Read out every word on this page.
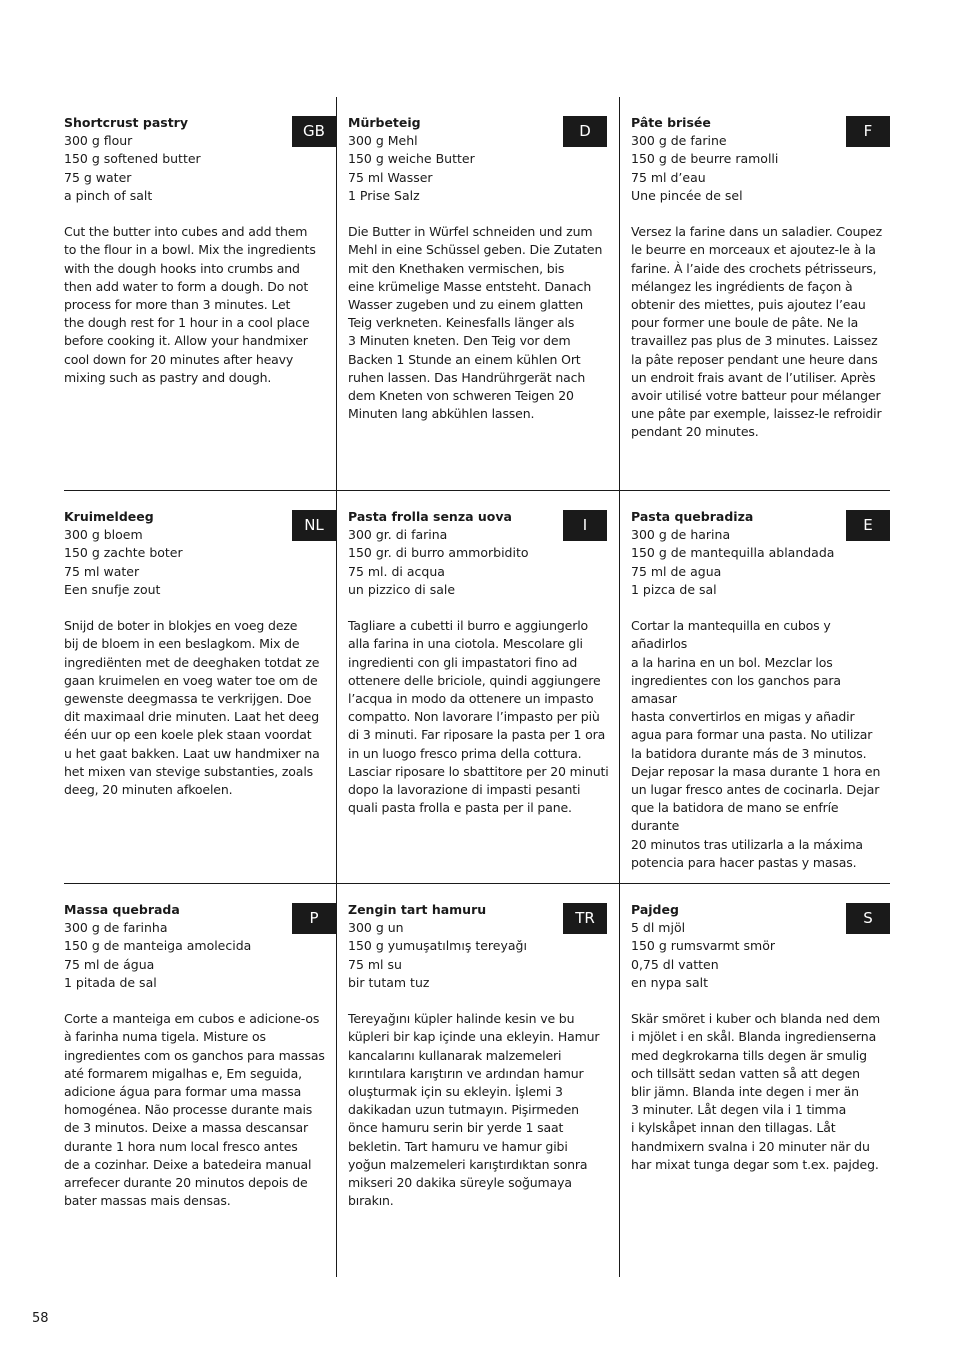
GB
Shortcrust pastry
300 g flour
150 g softened butter
75 g water
a pinch of salt
Cut the butter into cubes and add them
to the flour in a bowl. Mix the ingredients
with the dough hooks into crumbs and
then add water to form a dough. Do not
process for more than 3 minutes. Let
the dough rest for 1 hour in a cool place
before cooking it. Allow your handmixer
cool down for 20 minutes after heavy
mixing such as pastry and dough.
D
Mürbeteig
300 g Mehl
150 g weiche Butter
75 ml Wasser
1 Prise Salz
Die Butter in Würfel schneiden und zum
Mehl in eine Schüssel geben. Die Zutaten
mit den Knethaken vermischen, bis
eine krümelige Masse entsteht. Danach
Wasser zugeben und zu einem glatten
Teig verkneten. Keinesfalls länger als
3 Minuten kneten. Den Teig vor dem
Backen 1 Stunde an einem kühlen Ort
ruhen lassen. Das Handrührgerät nach
dem Kneten von schweren Teigen 20
Minuten lang abkühlen lassen.
F
Pâte brisée
300 g de farine
150 g de beurre ramolli
75 ml d’eau
Une pincée de sel
Versez la farine dans un saladier. Coupez
le beurre en morceaux et ajoutez-le à la
farine. À l’aide des crochets pétrisseurs,
mélangez les ingrédients de façon à
obtenir des miettes, puis ajoutez l’eau
pour former une boule de pâte. Ne la
travaillez pas plus de 3 minutes. Laissez
la pâte reposer pendant une heure dans
un endroit frais avant de l’utiliser. Après
avoir utilisé votre batteur pour mélanger
une pâte par exemple, laissez-le refroidir
pendant 20 minutes.
NL
Kruimeldeeg
300 g bloem
150 g zachte boter
75 ml water
Een snufje zout
Snijd de boter in blokjes en voeg deze
bij de bloem in een beslagkom. Mix de
ingrediënten met de deeghaken totdat ze
gaan kruimelen en voeg water toe om de
gewenste deegmassa te verkrijgen. Doe
dit maximaal drie minuten. Laat het deeg
één uur op een koele plek staan voordat
u het gaat bakken. Laat uw handmixer na
het mixen van stevige substanties, zoals
deeg, 20 minuten afkoelen.
I
Pasta frolla senza uova
300 gr. di farina
150 gr. di burro ammorbidito
75 ml. di acqua
un pizzico di sale
Tagliare a cubetti il burro e aggiungerlo
alla farina in una ciotola. Mescolare gli
ingredienti con gli impastatori fino ad
ottenere delle briciole, quindi aggiungere
l’acqua in modo da ottenere un impasto
compatto. Non lavorare l’impasto per più
di 3 minuti. Far riposare la pasta per 1 ora
in un luogo fresco prima della cottura.
Lasciar riposare lo sbattitore per 20 minuti
dopo la lavorazione di impasti pesanti
quali pasta frolla e pasta per il pane.
E
Pasta quebradiza
300 g de harina
150 g de mantequilla ablandada
75 ml de agua
1 pizca de sal
Cortar la mantequilla en cubos y añadirlos
a la harina en un bol. Mezclar los
ingredientes con los ganchos para amasar
hasta convertirlos en migas y añadir
agua para formar una pasta. No utilizar
la batidora durante más de 3 minutos.
Dejar reposar la masa durante 1 hora en
un lugar fresco antes de cocinarla. Dejar
que la batidora de mano se enfríe durante
20 minutos tras utilizarla a la máxima
potencia para hacer pastas y masas.
P
Massa quebrada
300 g de farinha
150 g de manteiga amolecida
75 ml de água
1 pitada de sal
Corte a manteiga em cubos e adicione-os
à farinha numa tigela. Misture os
ingredientes com os ganchos para massas
até formarem migalhas e, Em seguida,
adicione água para formar uma massa
homogénea. Não processe durante mais
de 3 minutos. Deixe a massa descansar
durante 1 hora num local fresco antes
de a cozinhar. Deixe a batedeira manual
arrefecer durante 20 minutos depois de
bater massas mais densas.
TR
Zengin tart hamuru
300 g un
150 g yumuşatılmış tereyağı
75 ml su
bir tutam tuz
Tereyağını küpler halinde kesin ve bu
küpleri bir kap içinde una ekleyin. Hamur
kancalarını kullanarak malzemeleri
kırıntılara karıştırın ve ardından hamur
oluşturmak için su ekleyin. İşlemi 3
dakikadan uzun tutmayın. Pişirmeden
önce hamuru serin bir yerde 1 saat
bekletin. Tart hamuru ve hamur gibi
yoğun malzemeleri karıştırdıktan sonra
mikseri 20 dakika süreyle soğumaya
bırakın.
S
Pajdeg
5 dl mjöl
150 g rumsvarmt smör
0,75 dl vatten
en nypa salt
Skär smöret i kuber och blanda ned dem
i mjölet i en skål. Blanda ingredienserna
med degkrokarna tills degen är smulig
och tillsätt sedan vatten så att degen
blir jämn. Blanda inte degen i mer än
3 minuter. Låt degen vila i 1 timma
i kylskåpet innan den tillagas. Låt
handmixern svalna i 20 minuter när du
har mixat tunga degar som t.ex. pajdeg.
58
